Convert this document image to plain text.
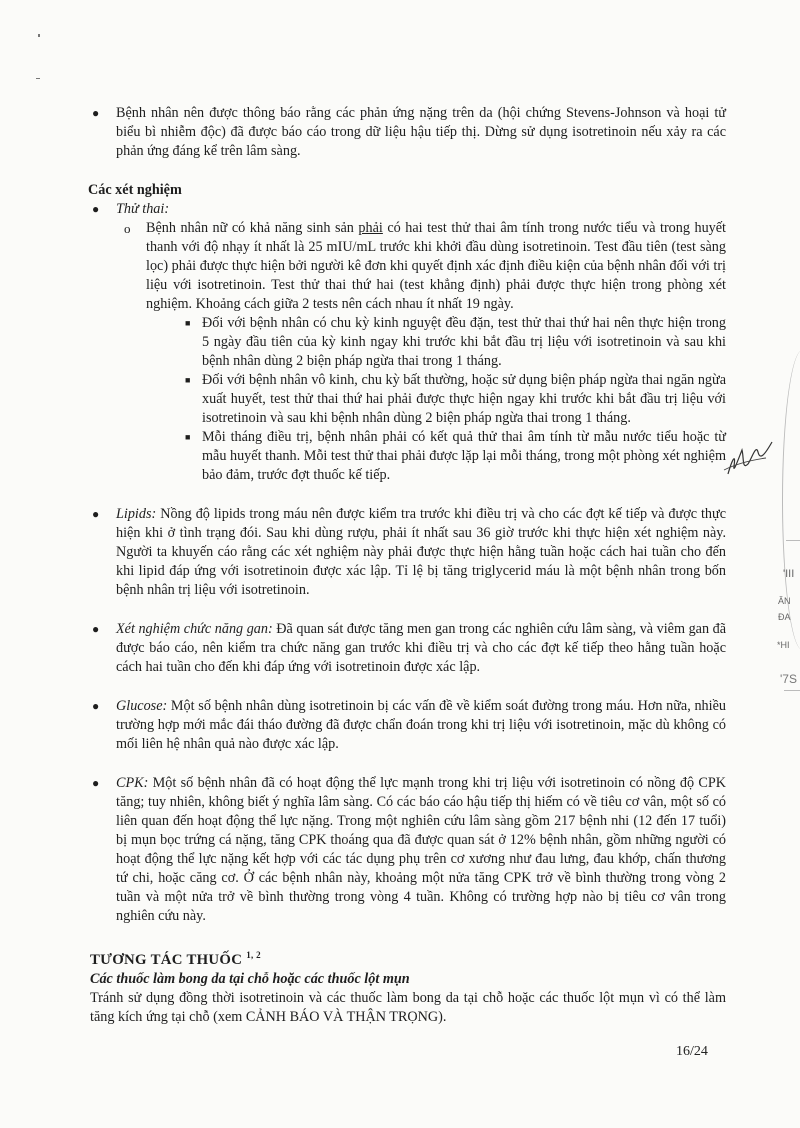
'III
ĂN
ĐA
*HI
'7S
● Bệnh nhân nên được thông báo rằng các phản ứng nặng trên da (hội chứng Stevens-Johnson và hoại tử biểu bì nhiễm độc) đã được báo cáo trong dữ liệu hậu tiếp thị. Dừng sử dụng isotretinoin nếu xảy ra các phản ứng đáng kể trên lâm sàng.
Các xét nghiệm
● Thử thai:
o Bệnh nhân nữ có khả năng sinh sản phải có hai test thử thai âm tính trong nước tiểu và trong huyết thanh với độ nhạy ít nhất là 25 mIU/mL trước khi khởi đầu dùng isotretinoin. Test đầu tiên (test sàng lọc) phải được thực hiện bởi người kê đơn khi quyết định xác định điều kiện của bệnh nhân đối với trị liệu với isotretinoin. Test thử thai thứ hai (test khẳng định) phải được thực hiện trong phòng xét nghiệm. Khoảng cách giữa 2 tests nên cách nhau ít nhất 19 ngày.
■ Đối với bệnh nhân có chu kỳ kinh nguyệt đều đặn, test thử thai thứ hai nên thực hiện trong 5 ngày đầu tiên của kỳ kinh ngay khi trước khi bắt đầu trị liệu với isotretinoin và sau khi bệnh nhân dùng 2 biện pháp ngừa thai trong 1 tháng.
■ Đối với bệnh nhân vô kinh, chu kỳ bất thường, hoặc sử dụng biện pháp ngừa thai ngăn ngừa xuất huyết, test thử thai thứ hai phải được thực hiện ngay khi trước khi bắt đầu trị liệu với isotretinoin và sau khi bệnh nhân dùng 2 biện pháp ngừa thai trong 1 tháng.
■ Mỗi tháng điều trị, bệnh nhân phải có kết quả thử thai âm tính từ mẫu nước tiểu hoặc từ mẫu huyết thanh. Mỗi test thử thai phải được lặp lại mỗi tháng, trong một phòng xét nghiệm bảo đảm, trước đợt thuốc kế tiếp.
● Lipids: Nồng độ lipids trong máu nên được kiểm tra trước khi điều trị và cho các đợt kế tiếp và được thực hiện khi ở tình trạng đói. Sau khi dùng rượu, phải ít nhất sau 36 giờ trước khi thực hiện xét nghiệm này. Người ta khuyến cáo rằng các xét nghiệm này phải được thực hiện hằng tuần hoặc cách hai tuần cho đến khi lipid đáp ứng với isotretinoin được xác lập. Tỉ lệ bị tăng triglycerid máu là một bệnh nhân trong bốn bệnh nhân trị liệu với isotretinoin.
● Xét nghiệm chức năng gan: Đã quan sát được tăng men gan trong các nghiên cứu lâm sàng, và viêm gan đã được báo cáo, nên kiểm tra chức năng gan trước khi điều trị và cho các đợt kế tiếp theo hằng tuần hoặc cách hai tuần cho đến khi đáp ứng với isotretinoin được xác lập.
● Glucose: Một số bệnh nhân dùng isotretinoin bị các vấn đề về kiểm soát đường trong máu. Hơn nữa, nhiều trường hợp mới mắc đái tháo đường đã được chẩn đoán trong khi trị liệu với isotretinoin, mặc dù không có mối liên hệ nhân quả nào được xác lập.
● CPK: Một số bệnh nhân đã có hoạt động thể lực mạnh trong khi trị liệu với isotretinoin có nồng độ CPK tăng; tuy nhiên, không biết ý nghĩa lâm sàng. Có các báo cáo hậu tiếp thị hiếm có về tiêu cơ vân, một số có liên quan đến hoạt động thể lực nặng. Trong một nghiên cứu lâm sàng gồm 217 bệnh nhi (12 đến 17 tuổi) bị mụn bọc trứng cá nặng, tăng CPK thoáng qua đã được quan sát ở 12% bệnh nhân, gồm những người có hoạt động thể lực nặng kết hợp với các tác dụng phụ trên cơ xương như đau lưng, đau khớp, chấn thương tứ chi, hoặc căng cơ. Ở các bệnh nhân này, khoảng một nửa tăng CPK trở về bình thường trong vòng 2 tuần và một nửa trở về bình thường trong vòng 4 tuần. Không có trường hợp nào bị tiêu cơ vân trong nghiên cứu này.
TƯƠNG TÁC THUỐC $^{1, 2}$
Các thuốc làm bong da tại chỗ hoặc các thuốc lột mụn
Tránh sử dụng đồng thời isotretinoin và các thuốc làm bong da tại chỗ hoặc các thuốc lột mụn vì có thể làm tăng kích ứng tại chỗ (xem CẢNH BÁO VÀ THẬN TRỌNG).
16/24
